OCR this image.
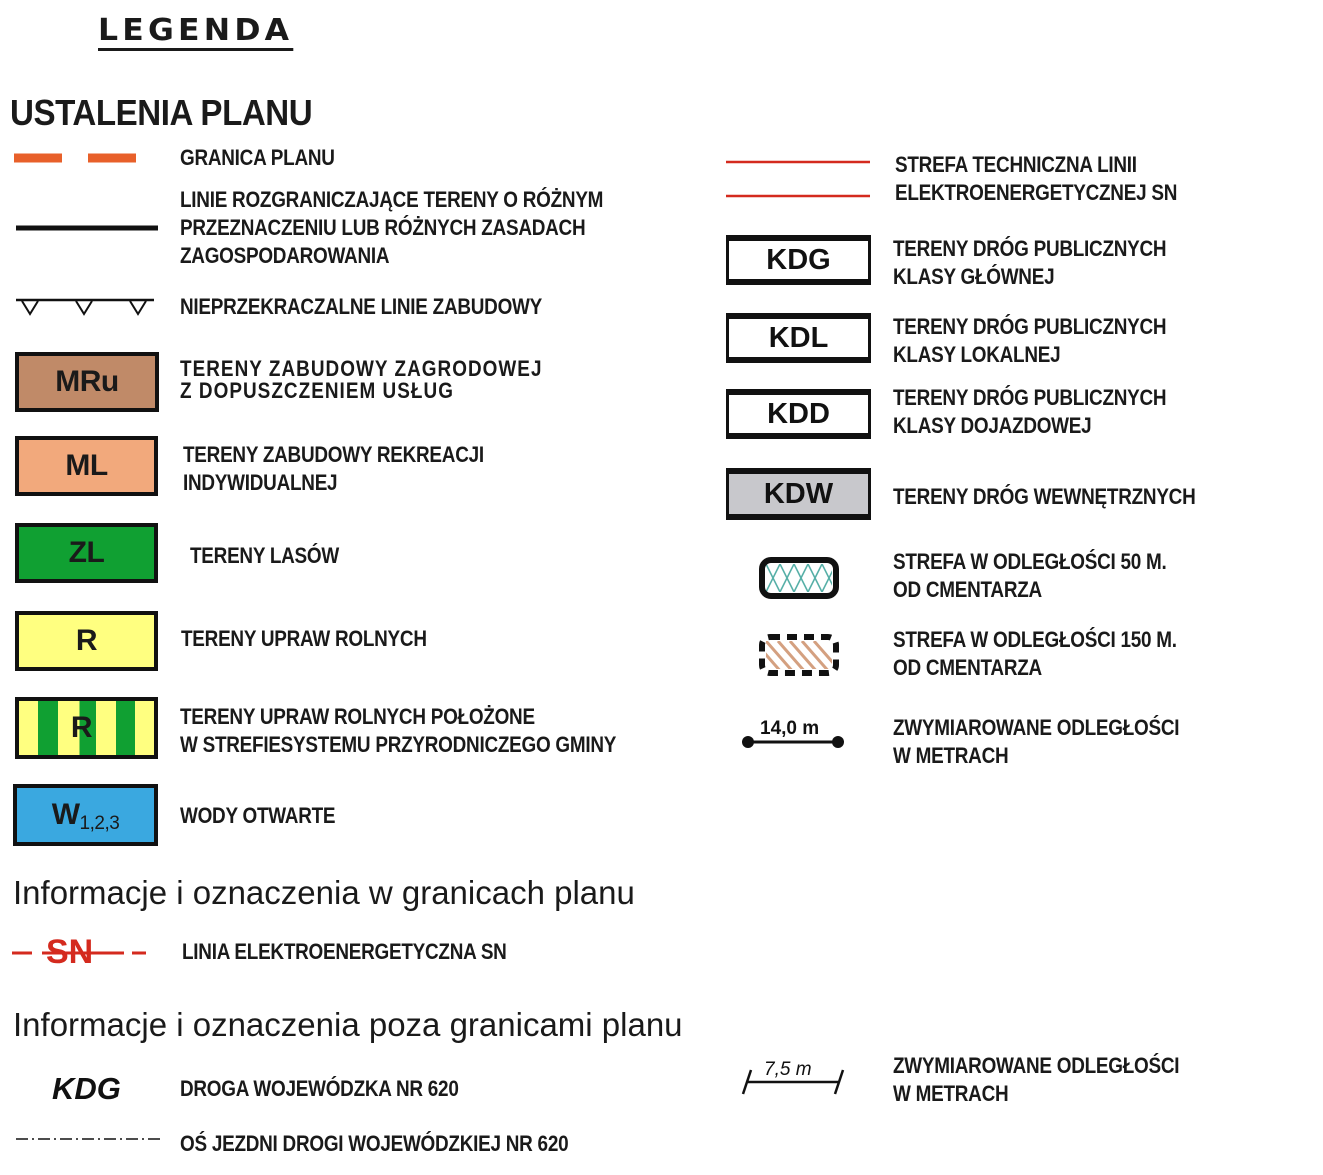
LEGENDA
USTALENIA PLANU
GRANICA PLANU
LINIE ROZGRANICZAJĄCE TERENY O RÓŻNYM
PRZEZNACZENIU LUB RÓŻNYCH ZASADACH
ZAGOSPODAROWANIA
NIEPRZEKRACZALNE LINIE ZABUDOWY
MRu	TERENY ZABUDOWY ZAGRODOWEJ
Z DOPUSZCZENIEM USŁUG
ML	TERENY ZABUDOWY REKREACJI
INDYWIDUALNEJ
ZL	TERENY LASÓW
R	TERENY UPRAW ROLNYCH
R	TERENY UPRAW ROLNYCH POŁOŻONE
W STREFIESYSTEMU PRZYRODNICZEGO GMINY
W1,2,3	WODY OTWARTE
STREFA TECHNICZNA LINII
ELEKTROENERGETYCZNEJ SN
KDG	TERENY DRÓG PUBLICZNYCH
KLASY GŁÓWNEJ
KDL	TERENY DRÓG PUBLICZNYCH
KLASY LOKALNEJ
KDD	TERENY DRÓG PUBLICZNYCH
KLASY DOJAZDOWEJ
KDW	TERENY DRÓG WEWNĘTRZNYCH
STREFA W ODLEGŁOŚCI 50 M.
OD CMENTARZA
STREFA W ODLEGŁOŚCI 150 M.
OD CMENTARZA
14,0 m	ZWYMIAROWANE ODLEGŁOŚCI
W METRACH
Informacje i oznaczenia w granicach planu
SN	LINIA ELEKTROENERGETYCZNA SN
Informacje i oznaczenia poza granicami planu
KDG	DROGA WOJEWÓDZKA NR 620
OŚ JEZDNI DROGI WOJEWÓDZKIEJ NR 620
7,5 m	ZWYMIAROWANE ODLEGŁOŚCI
W METRACH
